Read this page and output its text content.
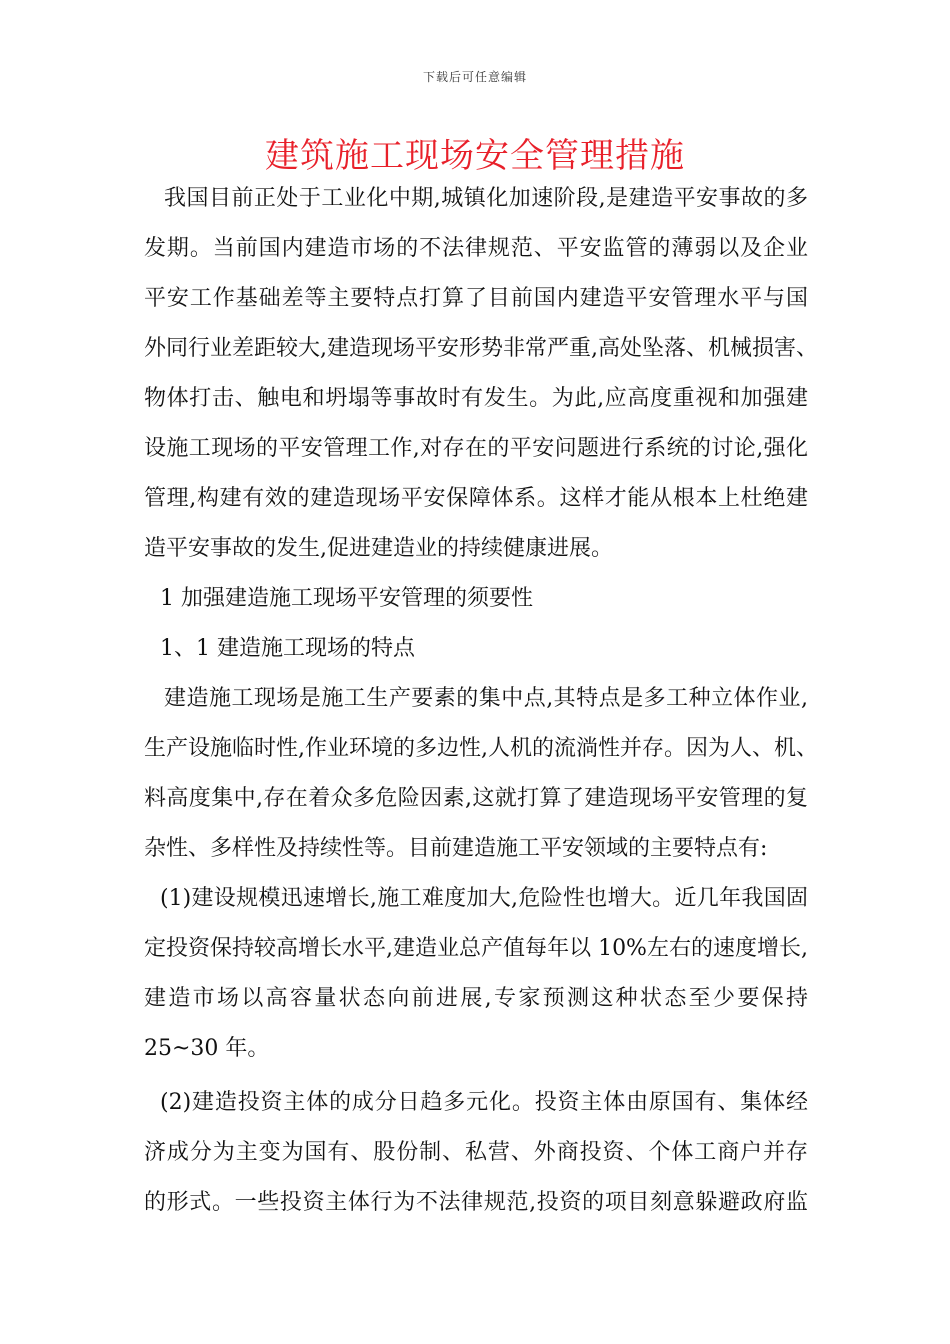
下载后可任意编辑
建筑施工现场安全管理措施
我国目前正处于工业化中期,城镇化加速阶段,是建造平安事故的多
发期。当前国内建造市场的不法律规范、平安监管的薄弱以及企业
平安工作基础差等主要特点打算了目前国内建造平安管理水平与国
外同行业差距较大,建造现场平安形势非常严重,高处坠落、机械损害、
物体打击、触电和坍塌等事故时有发生。为此,应高度重视和加强建
设施工现场的平安管理工作,对存在的平安问题进行系统的讨论,强化
管理,构建有效的建造现场平安保障体系。这样才能从根本上杜绝建
造平安事故的发生,促进建造业的持续健康进展。
1 加强建造施工现场平安管理的须要性
1、1 建造施工现场的特点
建造施工现场是施工生产要素的集中点,其特点是多工种立体作业,
生产设施临时性,作业环境的多边性,人机的流淌性并存。因为人、机、
料高度集中,存在着众多危险因素,这就打算了建造现场平安管理的复
杂性、多样性及持续性等。目前建造施工平安领域的主要特点有:
(1)建设规模迅速增长,施工难度加大,危险性也增大。近几年我国固
定投资保持较高增长水平,建造业总产值每年以 10%左右的速度增长,
建造市场以高容量状态向前进展,专家预测这种状态至少要保持
25~30 年。
(2)建造投资主体的成分日趋多元化。投资主体由原国有、集体经
济成分为主变为国有、股份制、私营、外商投资、个体工商户并存
的形式。一些投资主体行为不法律规范,投资的项目刻意躲避政府监
